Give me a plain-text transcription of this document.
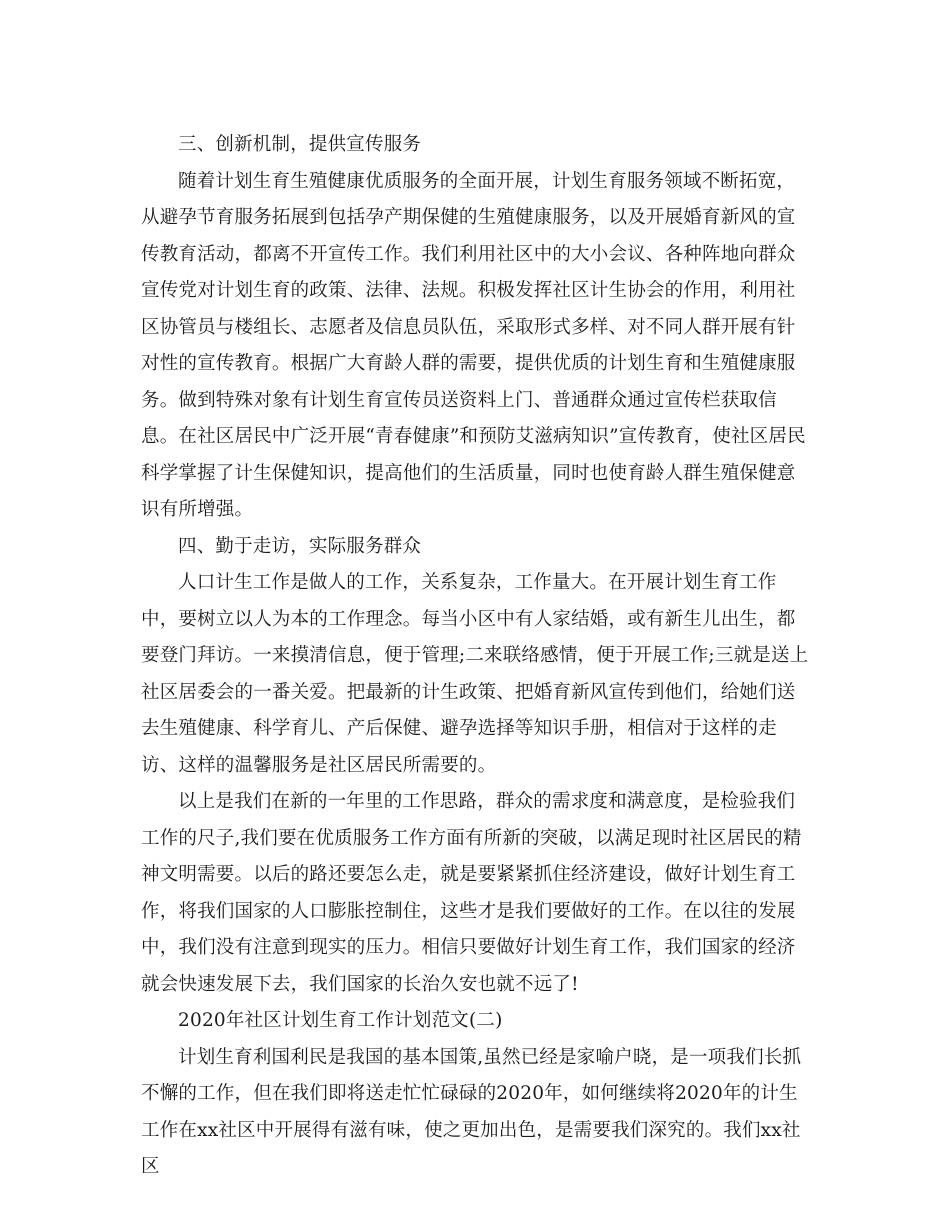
三、创新机制，提供宣传服务

随着计划生育生殖健康优质服务的全面开展，计划生育服务领域不断拓宽，从避孕节育服务拓展到包括孕产期保健的生殖健康服务，以及开展婚育新风的宣传教育活动，都离不开宣传工作。我们利用社区中的大小会议、各种阵地向群众宣传党对计划生育的政策、法律、法规。积极发挥社区计生协会的作用，利用社区协管员与楼组长、志愿者及信息员队伍，采取形式多样、对不同人群开展有针对性的宣传教育。根据广大育龄人群的需要，提供优质的计划生育和生殖健康服务。做到特殊对象有计划生育宣传员送资料上门、普通群众通过宣传栏获取信息。在社区居民中广泛开展“青春健康”和预防艾滋病知识”宣传教育，使社区居民科学掌握了计生保健知识，提高他们的生活质量，同时也使育龄人群生殖保健意识有所增强。

四、勤于走访，实际服务群众

人口计生工作是做人的工作，关系复杂，工作量大。在开展计划生育工作中，要树立以人为本的工作理念。每当小区中有人家结婚，或有新生儿出生，都要登门拜访。一来摸清信息，便于管理;二来联络感情，便于开展工作;三就是送上社区居委会的一番关爱。把最新的计生政策、把婚育新风宣传到他们，给她们送去生殖健康、科学育儿、产后保健、避孕选择等知识手册，相信对于这样的走访、这样的温馨服务是社区居民所需要的。

以上是我们在新的一年里的工作思路，群众的需求度和满意度，是检验我们工作的尺子,我们要在优质服务工作方面有所新的突破，以满足现时社区居民的精神文明需要。以后的路还要怎么走，就是要紧紧抓住经济建设，做好计划生育工作，将我们国家的人口膨胀控制住，这些才是我们要做好的工作。在以往的发展中，我们没有注意到现实的压力。相信只要做好计划生育工作，我们国家的经济就会快速发展下去，我们国家的长治久安也就不远了!

2020年社区计划生育工作计划范文(二)

计划生育利国利民是我国的基本国策,虽然已经是家喻户晓，是一项我们长抓不懈的工作，但在我们即将送走忙忙碌碌的2020年，如何继续将2020年的计生工作在xx社区中开展得有滋有味，使之更加出色，是需要我们深究的。我们xx社区
